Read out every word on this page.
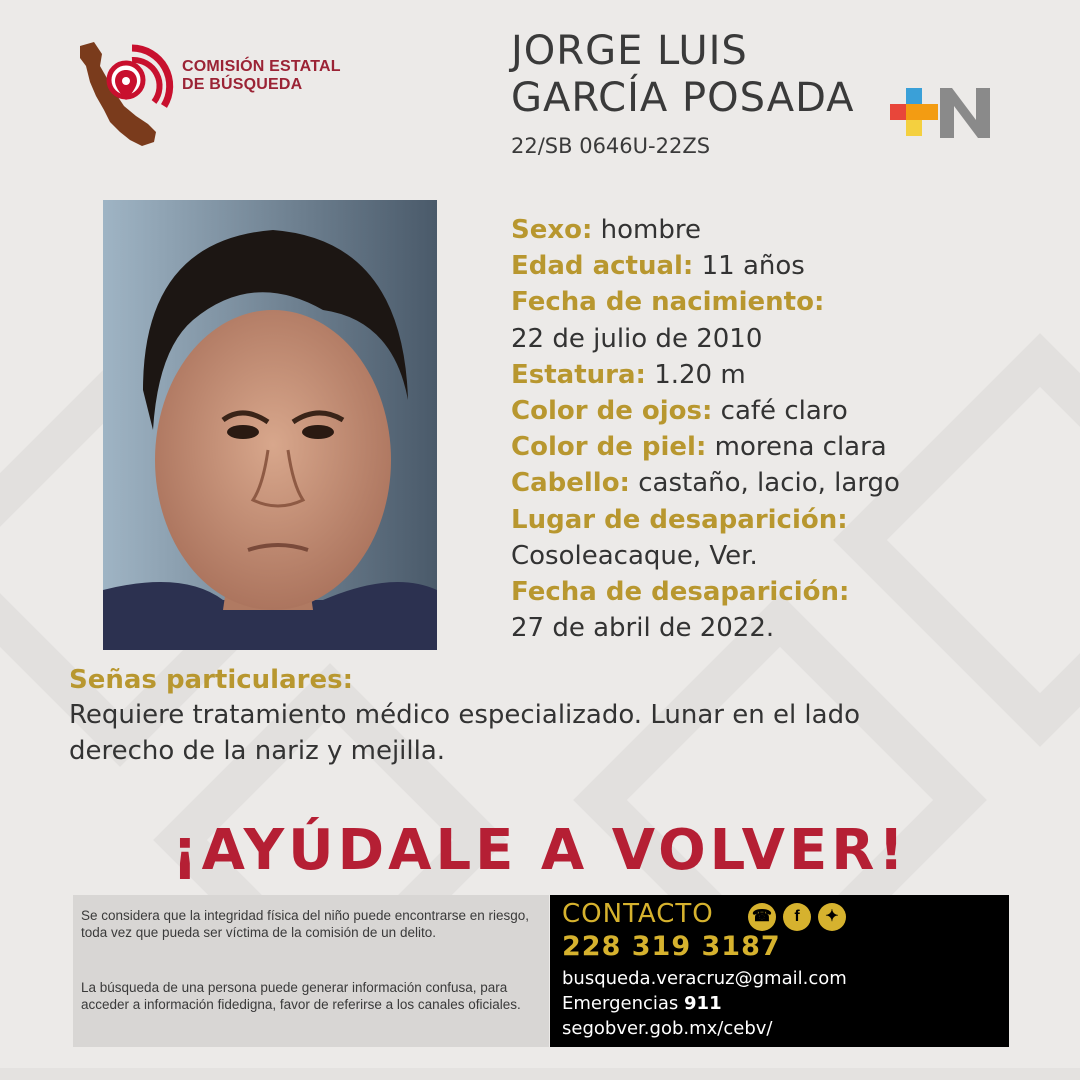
COMISIÓN ESTATAL
DE BÚSQUEDA
JORGE LUIS
GARCÍA POSADA
22/SB 0646U-22ZS
Sexo: hombre
Edad actual: 11 años
Fecha de nacimiento:
22 de julio de 2010
Estatura: 1.20 m
Color de ojos: café claro
Color de piel: morena clara
Cabello: castaño, lacio, largo
Lugar de desaparición:
Cosoleacaque, Ver.
Fecha de desaparición:
27 de abril de 2022.
Señas particulares:
Requiere tratamiento médico especializado. Lunar en el lado
derecho de la nariz y mejilla.
¡AYÚDALE A VOLVER!

Se considera que la integridad física del niño puede encontrarse en riesgo, toda vez que pueda ser víctima de la comisión de un delito.

La búsqueda de una persona puede generar información confusa, para acceder a información fidedigna, favor de referirse a los canales oficiales.

CONTACTO ☎ f ✦
228 319 3187
busqueda.veracruz@gmail.com
Emergencias 911
segobver.gob.mx/cebv/
